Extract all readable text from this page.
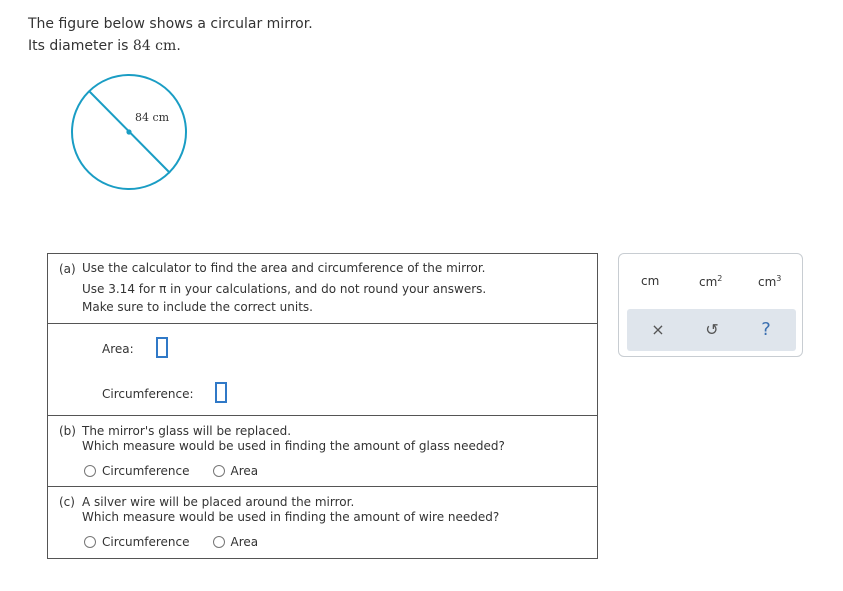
The figure below shows a circular mirror.
Its diameter is 84 cm.
84 cm
(a) Use the calculator to find the area and circumference of the mirror.
Use 3.14 for π in your calculations, and do not round your answers.
Make sure to include the correct units.
Area:
Circumference:
(b) The mirror's glass will be replaced.
Which measure would be used in finding the amount of glass needed?
Circumference	Area
(c) A silver wire will be placed around the mirror.
Which measure would be used in finding the amount of wire needed?
Circumference	Area
cm	$cm^2$	$cm^3$
×	↺	?
